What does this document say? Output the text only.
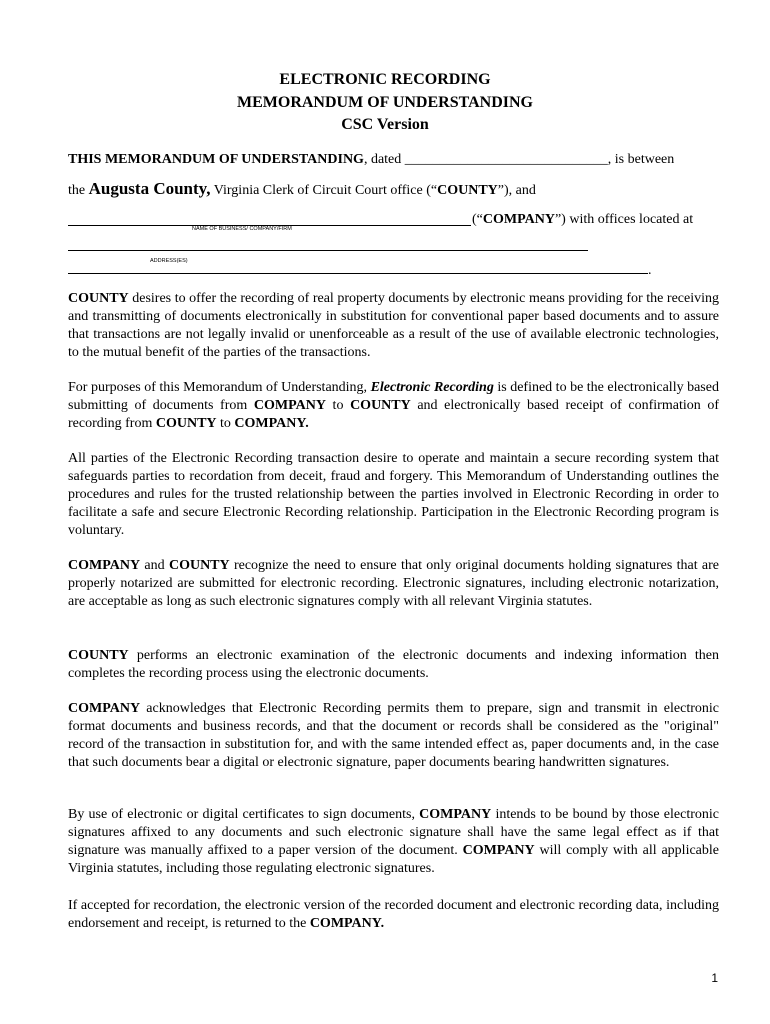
ELECTRONIC RECORDING
MEMORANDUM OF UNDERSTANDING
CSC Version
THIS MEMORANDUM OF UNDERSTANDING, dated _____________________________, is between
the Augusta County, Virginia Clerk of Circuit Court office (“COUNTY”), and
(“COMPANY”) with offices located at
NAME OF BUSINESS/ COMPANY/FIRM
ADDRESS(ES)
.

COUNTY desires to offer the recording of real property documents by electronic means providing for the receiving and transmitting of documents electronically in substitution for conventional paper based documents and to assure that transactions are not legally invalid or unenforceable as a result of the use of available electronic technologies, to the mutual benefit of the parties of the transactions.

For purposes of this Memorandum of Understanding, Electronic Recording is defined to be the electronically based submitting of documents from COMPANY to COUNTY and electronically based receipt of confirmation of recording from COUNTY to COMPANY.

All parties of the Electronic Recording transaction desire to operate and maintain a secure recording system that safeguards parties to recordation from deceit, fraud and forgery. This Memorandum of Understanding outlines the procedures and rules for the trusted relationship between the parties involved in Electronic Recording in order to facilitate a safe and secure Electronic Recording relationship. Participation in the Electronic Recording program is voluntary.

COMPANY and COUNTY recognize the need to ensure that only original documents holding signatures that are properly notarized are submitted for electronic recording. Electronic signatures, including electronic notarization, are acceptable as long as such electronic signatures comply with all relevant Virginia statutes.

COUNTY performs an electronic examination of the electronic documents and indexing information then completes the recording process using the electronic documents.

COMPANY acknowledges that Electronic Recording permits them to prepare, sign and transmit in electronic format documents and business records, and that the document or records shall be considered as the "original" record of the transaction in substitution for, and with the same intended effect as, paper documents and, in the case that such documents bear a digital or electronic signature, paper documents bearing handwritten signatures.

By use of electronic or digital certificates to sign documents, COMPANY intends to be bound by those electronic signatures affixed to any documents and such electronic signature shall have the same legal effect as if that signature was manually affixed to a paper version of the document. COMPANY will comply with all applicable Virginia statutes, including those regulating electronic signatures.

If accepted for recordation, the electronic version of the recorded document and electronic recording data, including endorsement and receipt, is returned to the COMPANY.

1
